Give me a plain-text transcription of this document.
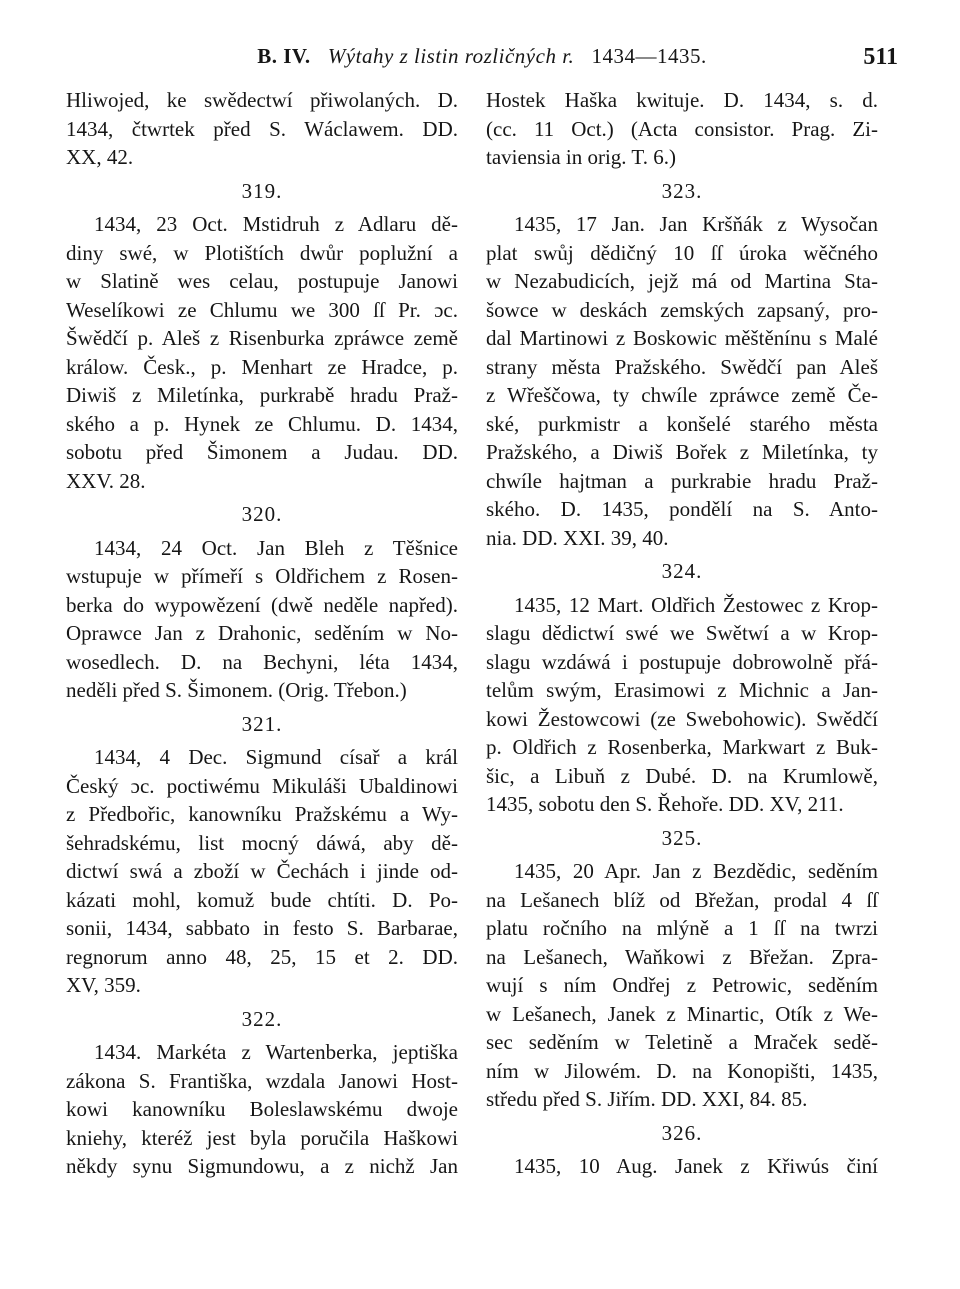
B. IV. Wýtahy z listin rozličných r. 1434—1435.	511
Hliwojed, ke swědectwí přiwolaných. D.
1434, čtwrtek před S. Wáclawem. DD.
XX, 42.
319.
1434, 23 Oct. Mstidruh z Adlaru dě-
diny swé, w Plotištích dwůr poplužní a
w Slatině wes celau, postupuje Janowi
Weselíkowi ze Chlumu we 300 ſſ Pr. ɔc.
Šwědčí p. Aleš z Risenburka zpráwce země
králow. Česk., p. Menhart ze Hradce, p.
Diwiš z Miletínka, purkrabě hradu Praž-
ského a p. Hynek ze Chlumu. D. 1434,
sobotu před Šimonem a Judau. DD.
XXV. 28.
320.
1434, 24 Oct. Jan Bleh z Těšnice
wstupuje w přímeří s Oldřichem z Rosen-
berka do wypowězení (dwě neděle napřed).
Oprawce Jan z Drahonic, seděním w No-
wosedlech. D. na Bechyni, léta 1434,
neděli před S. Šimonem. (Orig. Třebon.)
321.
1434, 4 Dec. Sigmund císař a král
Český ɔc. poctiwému Mikuláši Ubaldinowi
z Předbořic, kanowníku Pražskému a Wy-
šehradskému, list mocný dáwá, aby dě-
dictwí swá a zboží w Čechách i jinde od-
kázati mohl, komuž bude chtíti. D. Po-
sonii, 1434, sabbato in festo S. Barbarae,
regnorum anno 48, 25, 15 et 2. DD.
XV, 359.
322.
1434. Markéta z Wartenberka, jeptiška
zákona S. Františka, wzdala Janowi Host-
kowi kanowníku Boleslawskému dwoje
kniehy, kteréž jest byla poručila Haškowi
někdy synu Sigmundowu, a z nichž Jan
Hostek Haška kwituje. D. 1434, s. d.
(cc. 11 Oct.) (Acta consistor. Prag. Zi-
taviensia in orig. T. 6.)
323.
1435, 17 Jan. Jan Kršňák z Wysočan
plat swůj dědičný 10 ſſ úroka wěčného
w Nezabudicích, jejž má od Martina Sta-
šowce w deskách zemských zapsaný, pro-
dal Martinowi z Boskowic měštěnínu s Malé
strany města Pražského. Swědčí pan Aleš
z Wřeščowa, ty chwíle zpráwce země Če-
ské, purkmistr a konšelé starého města
Pražského, a Diwiš Bořek z Miletínka, ty
chwíle hajtman a purkrabie hradu Praž-
ského. D. 1435, pondělí na S. Anto-
nia. DD. XXI. 39, 40.
324.
1435, 12 Mart. Oldřich Žestowec z Krop-
slagu dědictwí swé we Swětwí a w Krop-
slagu wzdáwá i postupuje dobrowolně přá-
telům swým, Erasimowi z Michnic a Jan-
kowi Žestowcowi (ze Swebohowic). Swědčí
p. Oldřich z Rosenberka, Markwart z Buk-
šic, a Libuň z Dubé. D. na Krumlowě,
1435, sobotu den S. Řehoře. DD. XV, 211.
325.
1435, 20 Apr. Jan z Bezdědic, seděním
na Lešanech blíž od Břežan, prodal 4 ſſ
platu ročního na mlýně a 1 ſſ na twrzi
na Lešanech, Waňkowi z Břežan. Zpra-
wují s ním Ondřej z Petrowic, seděním
w Lešanech, Janek z Minartic, Otík z We-
sec seděním w Teletině a Mraček sedě-
ním w Jilowém. D. na Konopišti, 1435,
středu před S. Jiřím. DD. XXI, 84. 85.
326.
1435, 10 Aug. Janek z Křiwús činí
